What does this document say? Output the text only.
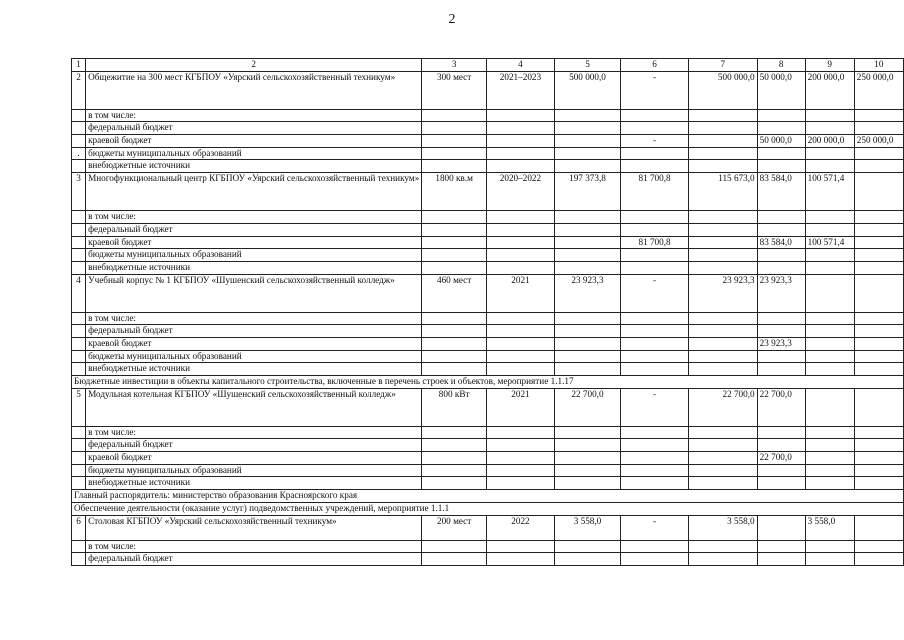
2
1	2	3	4	5	6	7	8	9	10
2	Общежитие на 300 мест КГБПОУ «Уярский сельскохозяйственный техникум»	300 мест	2021–2023	500 000,0	-	500 000,0	50 000,0	200 000,0	250 000,0
	в том числе:								
	федеральный бюджет								
	краевой бюджет				-		50 000,0	200 000,0	250 000,0
.	бюджеты муниципальных образований								
	внебюджетные источники								
3	Многофункциональный центр КГБПОУ «Уярский сельскохозяйственный техникум»	1800 кв.м	2020–2022	197 373,8	81 700,8	115 673,0	83 584,0	100 571,4	
	в том числе:								
	федеральный бюджет								
	краевой бюджет				81 700,8		83 584,0	100 571,4	
	бюджеты муниципальных образований								
	внебюджетные источники								
4	Учебный корпус № 1 КГБПОУ «Шушенский сельскохозяйственный колледж»	460 мест	2021	23 923,3	-	23 923,3	23 923,3		
	в том числе:								
	федеральный бюджет								
	краевой бюджет						23 923,3		
	бюджеты муниципальных образований								
	внебюджетные источники								
Бюджетные инвестиции в объекты капитального строительства, включенные в перечень строек и объектов, мероприятие 1.1.17									
5	Модульная котельная КГБПОУ «Шушенский сельскохозяйственный колледж»	800 кВт	2021	22 700,0	-	22 700,0	22 700,0		
	в том числе:								
	федеральный бюджет								
	краевой бюджет						22 700,0		
	бюджеты муниципальных образований								
	внебюджетные источники								
Главный распорядитель: министерство образования Красноярского края									
Обеспечение деятельности (оказание услуг) подведомственных учреждений, мероприятие 1.1.1									
6	Столовая КГБПОУ «Уярский сельскохозяйственный техникум»	200 мест	2022	3 558,0	-	3 558,0		3 558,0	
	в том числе:								
	федеральный бюджет								
